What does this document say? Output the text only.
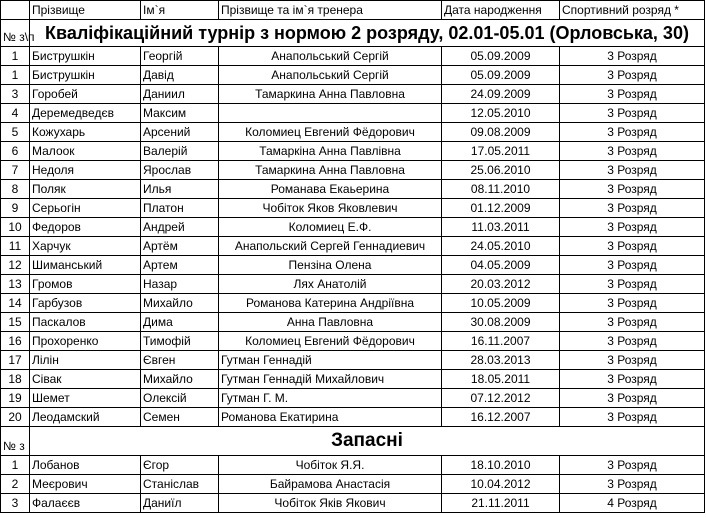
	Прізвище	Ім`я	Прізвище та ім`я тренера	Дата народження	Спортивний розряд *
№ з\п	Кваліфікаційний турнір з нормою 2 розряду, 02.01-05.01 (Орловська, 30)				
1	Биструшкін	Георгій	Анапольський Сергій	05.09.2009	3 Розряд
1	Биструшкін	Давід	Анапольський Сергій	05.09.2009	3 Розряд
3	Горобей	Даниил	Тамаркина Анна Павловна	24.09.2009	3 Розряд
4	Деремедведєв	Максим		12.05.2010	3 Розряд
5	Кожухарь	Арсений	Коломиец Евгений Фёдорович	09.08.2009	3 Розряд
6	Малоок	Валерій	Тамаркіна Анна Павлівна	17.05.2011	3 Розряд
7	Недоля	Ярослав	Тамаркина Анна Павловна	25.06.2010	3 Розряд
8	Поляк	Илья	Романава Екаьерина	08.11.2010	3 Розряд
9	Серьогін	Платон	Чобіток Яков Яковлевич	01.12.2009	3 Розряд
10	Федоров	Андрей	Коломиец Е.Ф.	11.03.2011	3 Розряд
11	Харчук	Артём	Анапольский Сергей Геннадиевич	24.05.2010	3 Розряд
12	Шиманський	Артем	Пензіна Олена	04.05.2009	3 Розряд
13	Громов	Назар	Лях Анатолій	20.03.2012	3 Розряд
14	Гарбузов	Михайло	Романова Катерина Андріївна	10.05.2009	3 Розряд
15	Паскалов	Дима	Анна Павловна	30.08.2009	3 Розряд
16	Прохоренко	Тимофій	Коломиец Евгений Фёдорович	16.11.2007	3 Розряд
17	Лілін	Євген	Гутман Геннадій	28.03.2013	3 Розряд
18	Сівак	Михайло	Гутман Геннадій Михайлович	18.05.2011	3 Розряд
19	Шемет	Олексій	Гутман Г. М.	07.12.2012	3 Розряд
20	Леодамский	Семен	Романова Екатирина	16.12.2007	3 Розряд
№ з	Запасні				
1	Лобанов	Єгор	Чобіток Я.Я.	18.10.2010	3 Розряд
2	Меєрович	Станіслав	Байрамова Анастасія	10.04.2012	3 Розряд
3	Фалаєєв	Даниїл	Чобіток Яків Якович	21.11.2011	4 Розряд
